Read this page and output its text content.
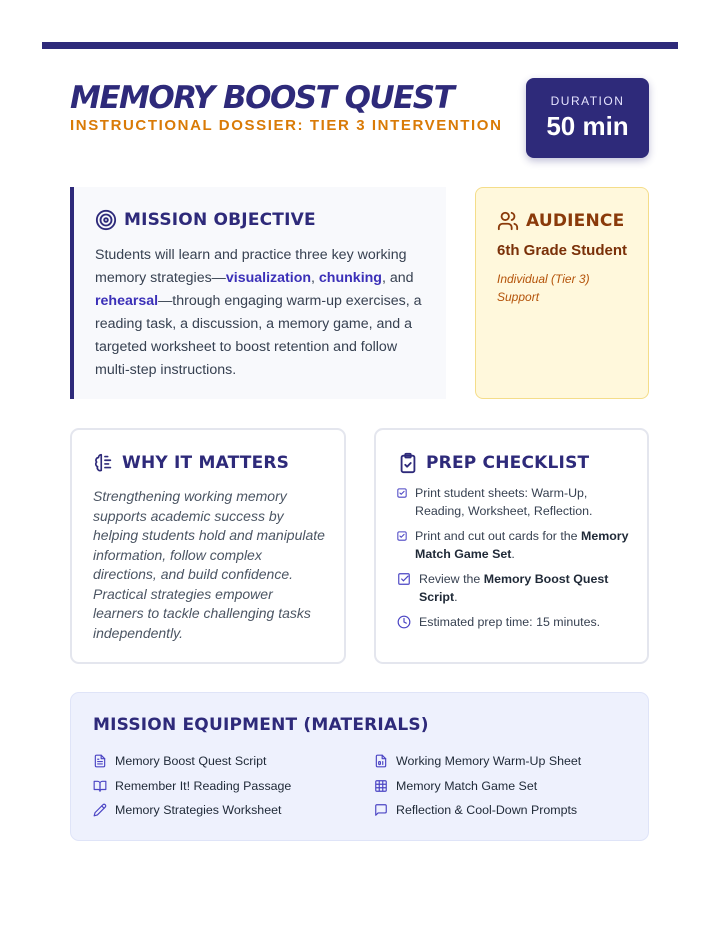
MEMORY BOOST QUEST
INSTRUCTIONAL DOSSIER: TIER 3 INTERVENTION
DURATION
50 min
MISSION OBJECTIVE

Students will learn and practice three key working memory strategies—visualization, chunking, and rehearsal—through engaging warm-up exercises, a reading task, a discussion, a memory game, and a targeted worksheet to boost retention and follow multi-step instructions.

AUDIENCE
6th Grade Student
Individual (Tier 3) Support
WHY IT MATTERS

Strengthening working memory supports academic success by helping students hold and manipulate information, follow complex directions, and build confidence. Practical strategies empower learners to tackle challenging tasks independently.

PREP CHECKLIST
Print student sheets: Warm-Up, Reading, Worksheet, Reflection.
Print and cut out cards for the Memory Match Game Set.
Review the Memory Boost Quest Script.
Estimated prep time: 15 minutes.
MISSION EQUIPMENT (MATERIALS)
Memory Boost Quest Script	Working Memory Warm-Up Sheet
Remember It! Reading Passage	Memory Match Game Set
Memory Strategies Worksheet	Reflection & Cool-Down Prompts
